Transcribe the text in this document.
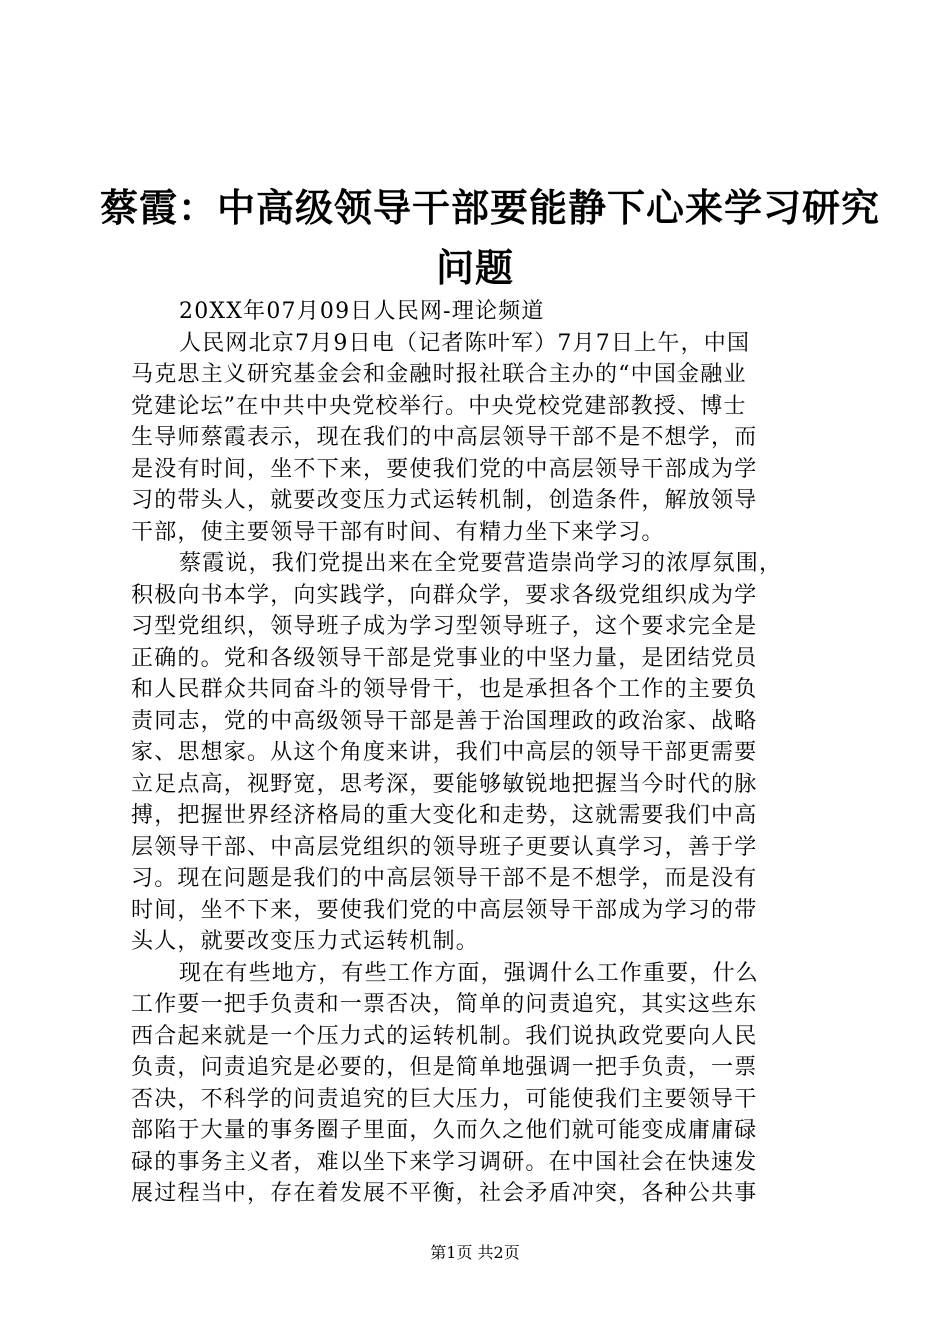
蔡霞：中高级领导干部要能静下心来学习研究
问题
20XX年07月09日人民网-理论频道
人民网北京7月9日电（记者陈叶军）7月7日上午，中国
马克思主义研究基金会和金融时报社联合主办的“中国金融业
党建论坛”在中共中央党校举行。中央党校党建部教授、博士
生导师蔡霞表示，现在我们的中高层领导干部不是不想学，而
是没有时间，坐不下来，要使我们党的中高层领导干部成为学
习的带头人，就要改变压力式运转机制，创造条件，解放领导
干部，使主要领导干部有时间、有精力坐下来学习。
蔡霞说，我们党提出来在全党要营造崇尚学习的浓厚氛围，
积极向书本学，向实践学，向群众学，要求各级党组织成为学
习型党组织，领导班子成为学习型领导班子，这个要求完全是
正确的。党和各级领导干部是党事业的中坚力量，是团结党员
和人民群众共同奋斗的领导骨干，也是承担各个工作的主要负
责同志，党的中高级领导干部是善于治国理政的政治家、战略
家、思想家。从这个角度来讲，我们中高层的领导干部更需要
立足点高，视野宽，思考深，要能够敏锐地把握当今时代的脉
搏，把握世界经济格局的重大变化和走势，这就需要我们中高
层领导干部、中高层党组织的领导班子更要认真学习，善于学
习。现在问题是我们的中高层领导干部不是不想学，而是没有
时间，坐不下来，要使我们党的中高层领导干部成为学习的带
头人，就要改变压力式运转机制。
现在有些地方，有些工作方面，强调什么工作重要，什么
工作要一把手负责和一票否决，简单的问责追究，其实这些东
西合起来就是一个压力式的运转机制。我们说执政党要向人民
负责，问责追究是必要的，但是简单地强调一把手负责，一票
否决，不科学的问责追究的巨大压力，可能使我们主要领导干
部陷于大量的事务圈子里面，久而久之他们就可能变成庸庸碌
碌的事务主义者，难以坐下来学习调研。在中国社会在快速发
展过程当中，存在着发展不平衡，社会矛盾冲突，各种公共事
第1页 共2页
